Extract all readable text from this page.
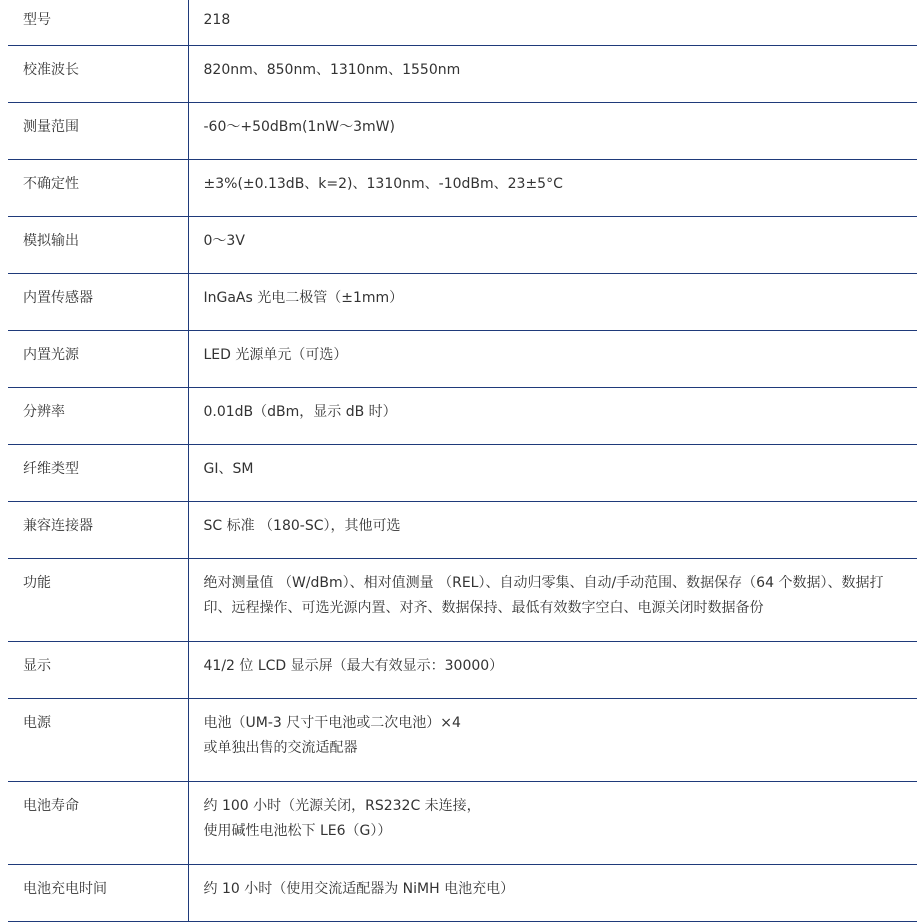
型号	218

校准波长	820nm、850nm、1310nm、1550nm

测量范围	-60～+50dBm(1nW～3mW)

不确定性	±3%(±0.13dB、k=2)、1310nm、-10dBm、23±5°C

模拟输出	0～3V

内置传感器	InGaAs 光电二极管（±1mm）

内置光源	LED 光源单元（可选）

分辨率	0.01dB（dBm，显示 dB 时）

纤维类型	GI、SM

兼容连接器	SC 标准 （180-SC），其他可选

功能	绝对测量值 （W/dBm）、相对值测量 （REL）、自动归零集、自动/手动范围、数据保存（64 个数据）、数据打
印、远程操作、可选光源内置、对齐、数据保持、最低有效数字空白、电源关闭时数据备份

显示	41/2 位 LCD 显示屏（最大有效显示：30000）

电源	电池（UM-3 尺寸干电池或二次电池）×4
或单独出售的交流适配器

电池寿命	约 100 小时（光源关闭，RS232C 未连接，
使用碱性电池松下 LE6（G））

电池充电时间	约 10 小时（使用交流适配器为 NiMH 电池充电）
